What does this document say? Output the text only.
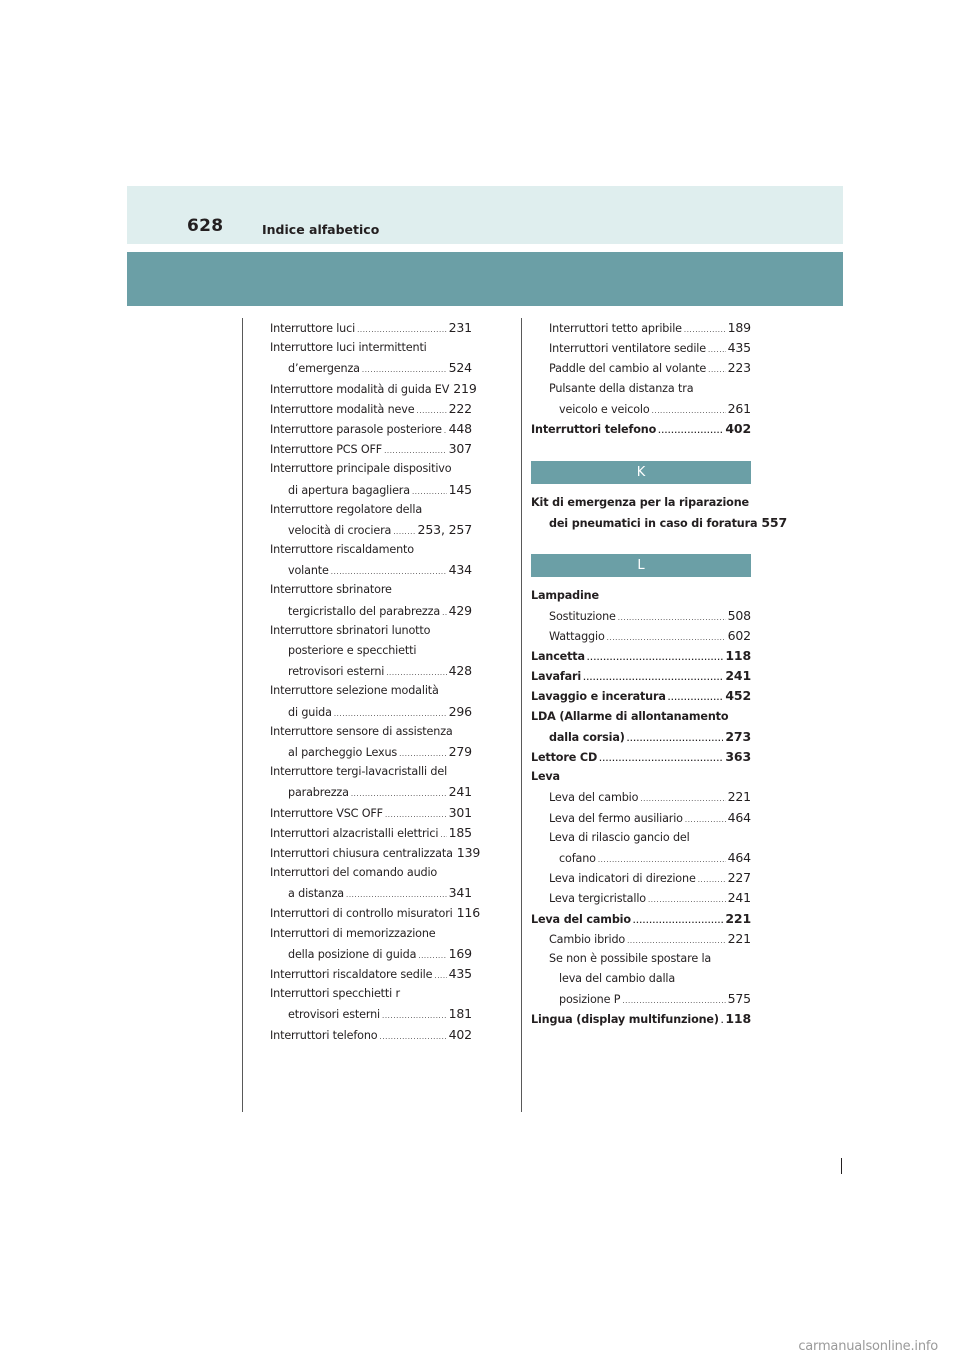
628	Indice alfabetico
Interruttore luci .....	231
Interruttore luci intermittenti
d’emergenza .....	524
Interruttore modalità di guida EV 219
Interruttore modalità neve .....	222
Interruttore parasole posteriore ..... 448
Interruttore PCS OFF .....	307
Interruttore principale dispositivo
di apertura bagagliera .....	145
Interruttore regolatore della
velocità di crociera ..... 253, 257
Interruttore riscaldamento
volante .....	434
Interruttore sbrinatore
tergicristallo del parabrezza ..... 429
Interruttore sbrinatori lunotto
posteriore e specchietti
retrovisori esterni .....	428
Interruttore selezione modalità
di guida .....	296
Interruttore sensore di assistenza
al parcheggio Lexus .....	279
Interruttore tergi-lavacristalli del
parabrezza .....	241
Interruttore VSC OFF .....	301
Interruttori alzacristalli elettrici ..... 185
Interruttori chiusura centralizzata 139
Interruttori del comando audio
a distanza .....	341
Interruttori di controllo misuratori 116
Interruttori di memorizzazione
della posizione di guida .....	169
Interruttori riscaldatore sedile ..... 435
Interruttori specchietti r
etrovisori esterni .....	181
Interruttori telefono .....	402
Interruttori tetto apribile .....	189
Interruttori ventilatore sedile ..... 435
Paddle del cambio al volante ..... 223
Pulsante della distanza tra
veicolo e veicolo .....	261
Interruttori telefono .....	402
K
Kit di emergenza per la riparazione
dei pneumatici in caso di foratura 557
L
Lampadine
Sostituzione .....	508
Wattaggio .....	602
Lancetta .....	118
Lavafari .....	241
Lavaggio e inceratura .....	452
LDA (Allarme di allontanamento
dalla corsia) .....	273
Lettore CD .....	363
Leva
Leva del cambio .....	221
Leva del fermo ausiliario .....	464
Leva di rilascio gancio del
cofano .....	464
Leva indicatori di direzione .....	227
Leva tergicristallo .....	241
Leva del cambio .....	221
Cambio ibrido .....	221
Se non è possibile spostare la
leva del cambio dalla
posizione P .....	575
Lingua (display multifunzione) ..... 118
carmanualsonline.info
